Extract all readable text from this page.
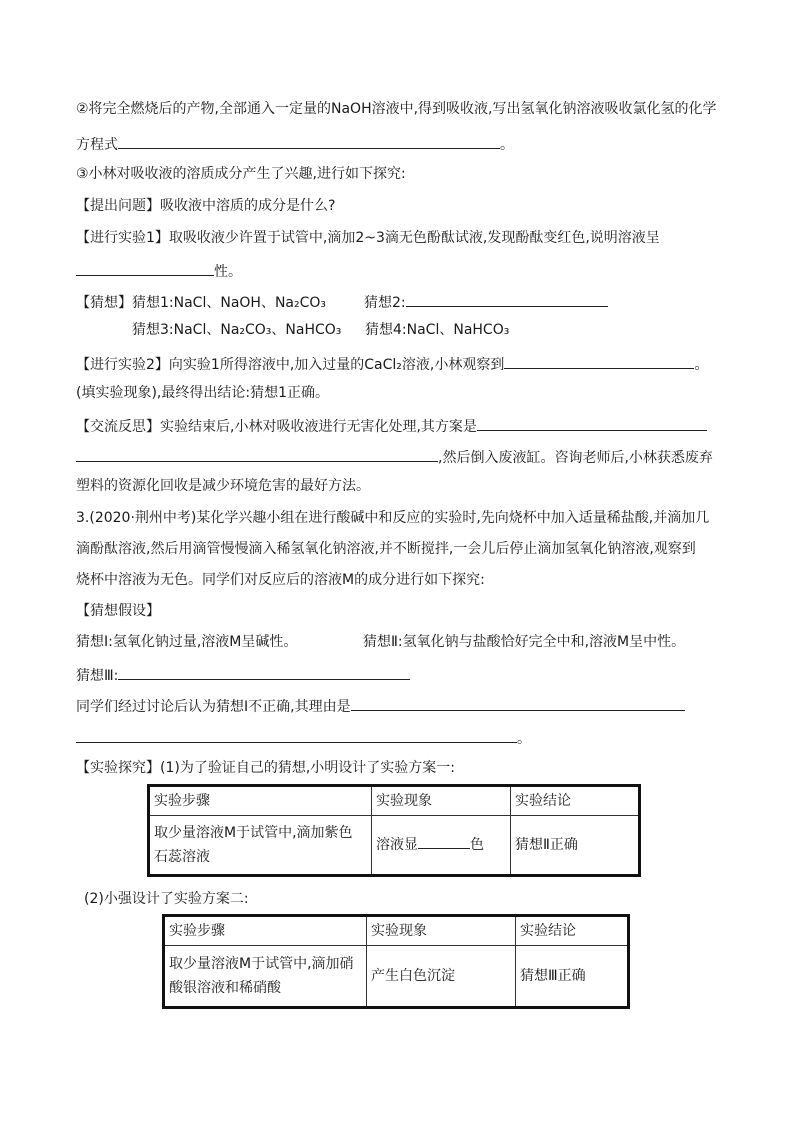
②将完全燃烧后的产物,全部通入一定量的NaOH溶液中,得到吸收液,写出氢氧化钠溶液吸收氯化氢的化学
方程式	。
③小林对吸收液的溶质成分产生了兴趣,进行如下探究:
【提出问题】吸收液中溶质的成分是什么?
【进行实验1】取吸收液少许置于试管中,滴加2~3滴无色酚酞试液,发现酚酞变红色,说明溶液呈
性。
【猜想】猜想1:NaCl、NaOH、Na₂CO₃	猜想2:
猜想3:NaCl、Na₂CO₃、NaHCO₃ 猜想4:NaCl、NaHCO₃
【进行实验2】向实验1所得溶液中,加入过量的CaCl₂溶液,小林观察到	。
(填实验现象),最终得出结论:猜想1正确。
【交流反思】实验结束后,小林对吸收液进行无害化处理,其方案是
,然后倒入废液缸。咨询老师后,小林获悉废弃
塑料的资源化回收是减少环境危害的最好方法。
3.(2020·荆州中考)某化学兴趣小组在进行酸碱中和反应的实验时,先向烧杯中加入适量稀盐酸,并滴加几
滴酚酞溶液,然后用滴管慢慢滴入稀氢氧化钠溶液,并不断搅拌,一会儿后停止滴加氢氧化钠溶液,观察到
烧杯中溶液为无色。同学们对反应后的溶液M的成分进行如下探究:
【猜想假设】
猜想Ⅰ:氢氧化钠过量,溶液M呈碱性。	猜想Ⅱ:氢氧化钠与盐酸恰好完全中和,溶液M呈中性。
猜想Ⅲ:
同学们经过讨论后认为猜想Ⅰ不正确,其理由是
。
【实验探究】(1)为了验证自己的猜想,小明设计了实验方案一:
实验步骤	实验现象	实验结论

取少量溶液M于试管中,滴加紫色
石蕊溶液	溶液显 色	猜想Ⅱ正确
(2)小强设计了实验方案二:
实验步骤	实验现象	实验结论

取少量溶液M于试管中,滴加硝
酸银溶液和稀硝酸	产生白色沉淀	猜想Ⅲ正确
